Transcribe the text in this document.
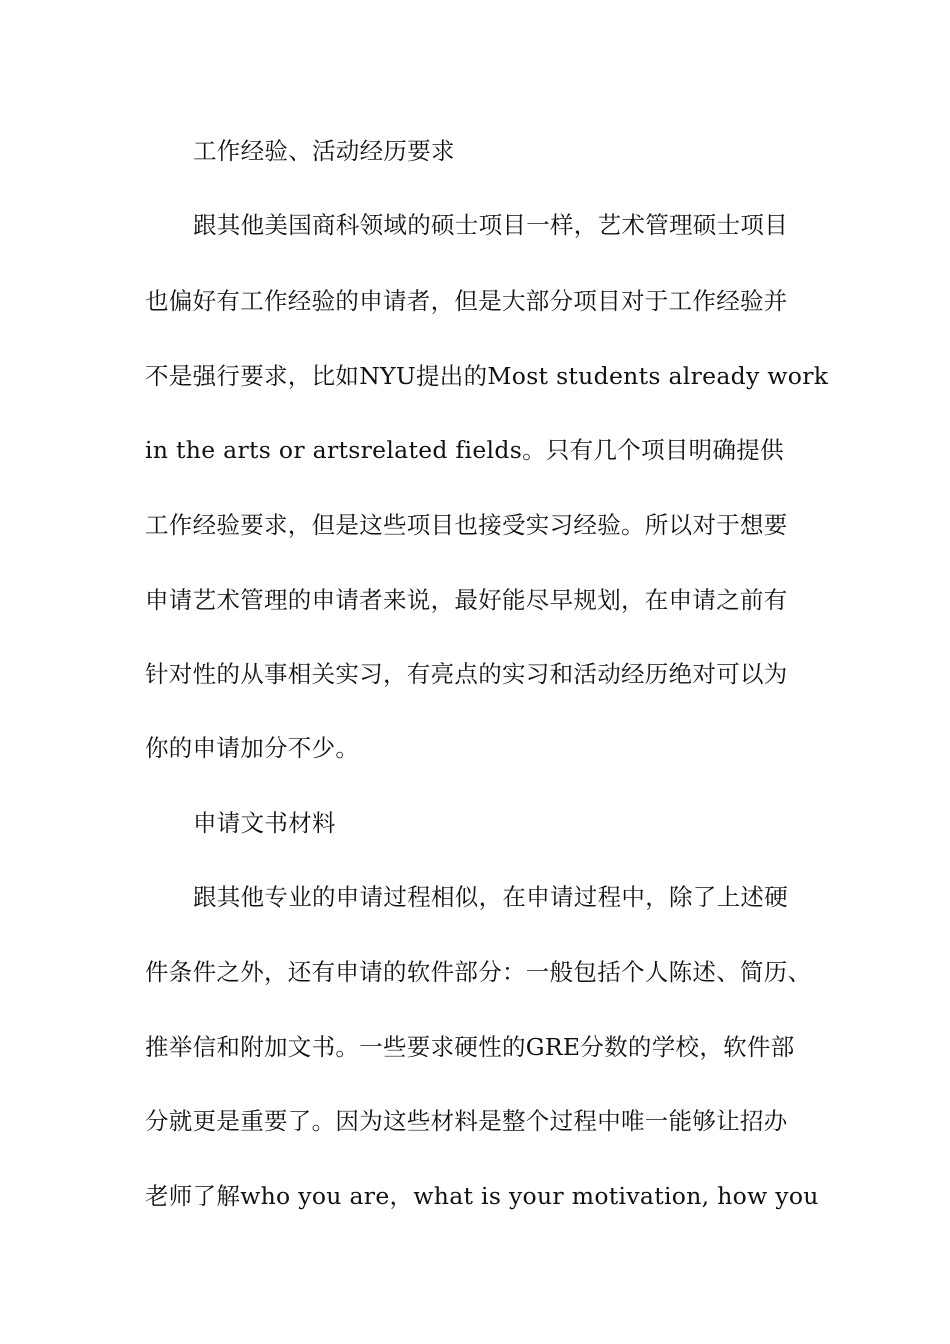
工作经验、活动经历要求

跟其他美国商科领域的硕士项目一样，艺术管理硕士项目

也偏好有工作经验的申请者，但是大部分项目对于工作经验并

不是强行要求，比如NYU提出的Most students already work

in the arts or artsrelated fields。只有几个项目明确提供

工作经验要求，但是这些项目也接受实习经验。所以对于想要

申请艺术管理的申请者来说，最好能尽早规划，在申请之前有

针对性的从事相关实习，有亮点的实习和活动经历绝对可以为

你的申请加分不少。

申请文书材料

跟其他专业的申请过程相似，在申请过程中，除了上述硬

件条件之外，还有申请的软件部分：一般包括个人陈述、简历、

推举信和附加文书。一些要求硬性的GRE分数的学校，软件部

分就更是重要了。因为这些材料是整个过程中唯一能够让招办

老师了解who you are，what is your motivation, how you
